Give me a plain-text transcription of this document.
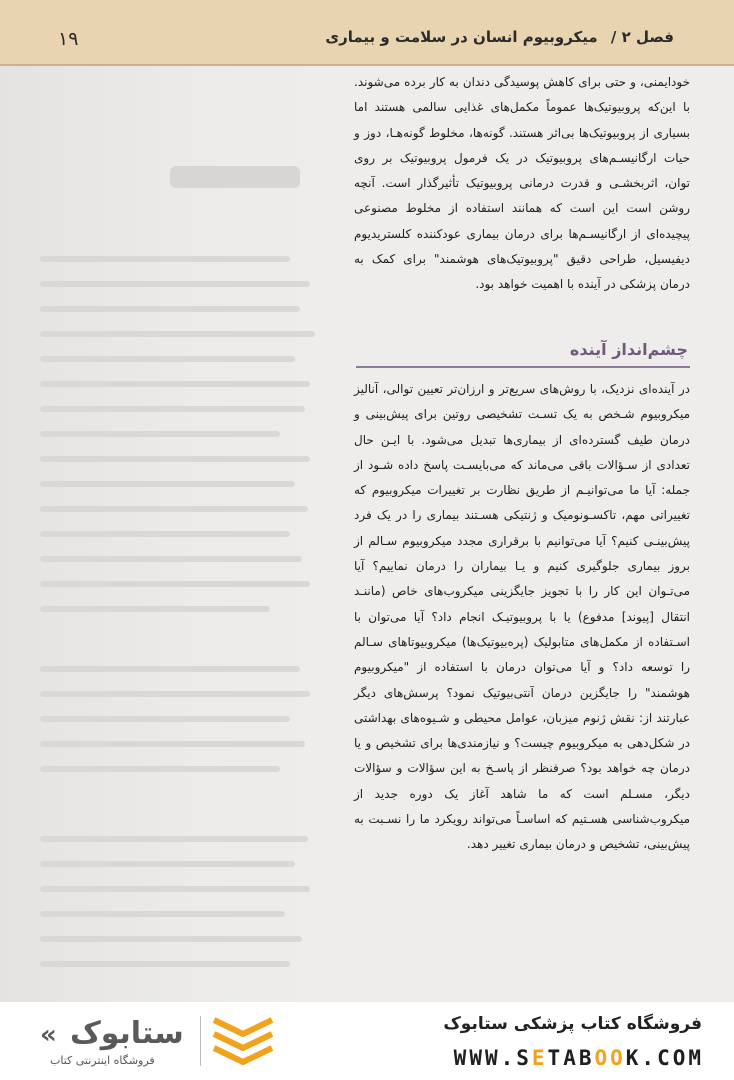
۱۹	فصل ۲ / میکروبیوم انسان در سلامت و بیماری

خودایمنی، و حتی برای کاهش پوسیدگی دندان به کار برده می‌شوند. با این‌که پروبیوتیک‌ها عموماً مکمل‌های غذایی سالمی هستند اما بسیاری از پروبیوتیک‌ها بی‌اثر هستند. گونه‌ها، مخلوط گونه‌هـا، دوز و حیات ارگانیسـم‌های پروبیوتیک در یک فرمول پروبیوتیک بر روی توان، اثربخشـی و قدرت درمانی پروبیوتیک تأثیرگذار است. آنچه روشن است این است که همانند استفاده از مخلوط مصنوعی پیچیده‌ای از ارگانیسـم‌ها برای درمان بیماری عودکننده کلستریدیوم دیفیسیل، طراحی دقیق "پروبیوتیک‌های هوشمند" برای کمک به درمان پزشکی در آینده با اهمیت خواهد بود.

چشم‌انداز آینده

در آینده‌ای نزدیک، با روش‌های سریع‌تر و ارزان‌تر تعیین توالی، آنالیز میکروبیوم شـخص به یک تسـت تشخیصی روتین برای پیش‌بینی و درمان طیف گسترده‌ای از بیماری‌ها تبدیل می‌شود. با ایـن حال تعدادی از سـؤالات باقی می‌ماند که می‌بایسـت پاسخ داده شـود از جمله: آیا ما می‌توانیـم از طریق نظارت بر تغییرات میکروبیوم که تغییراتی مهم، تاکسـونومیک و ژنتیکی هسـتند بیماری را در یک فرد پیش‌بینـی کنیم؟ آیا می‌توانیم با برقراری مجدد میکروبیوم سـالم از بروز بیماری جلوگیری کنیم و یـا بیماران را درمان نماییم؟ آیا می‌تـوان این کار را با تجویز جایگزینی میکروب‌های خاص (ماننـد انتقال [پیوند] مدفوع) یا با پروبیوتیـک انجام داد؟ آیا می‌توان با اسـتفاده از مکمل‌های متابولیک (پره‌بیوتیک‌ها) میکروبیوتاهای سـالم را توسعه داد؟ و آیا می‌توان درمان با استفاده از "میکروبیوم هوشمند" را جایگزین درمان آنتی‌بیوتیک نمود؟ پرسش‌های دیگر عبارتند از: نقش ژنوم میزبان، عوامل محیطی و شـیوه‌های بهداشتی در شکل‌دهی به میکروبیوم چیست؟ و نیازمندی‌ها برای تشخیص و یا درمان چه خواهد بود؟ صرفنظر از پاسـخ به این سؤالات و سؤالات دیگر، مسـلم است که ما شاهد آغاز یک دوره جدید از میکروب‌شناسی هسـتیم که اساسـاً می‌تواند رویکرد ما را نسـبت به پیش‌بینی، تشخیص و درمان بیماری تغییر دهد.

« ستابوک
فروشگاه اینترنتی کتاب
فروشگاه کتاب پزشکی ستابوک
WWW.SETABOOK.COM
